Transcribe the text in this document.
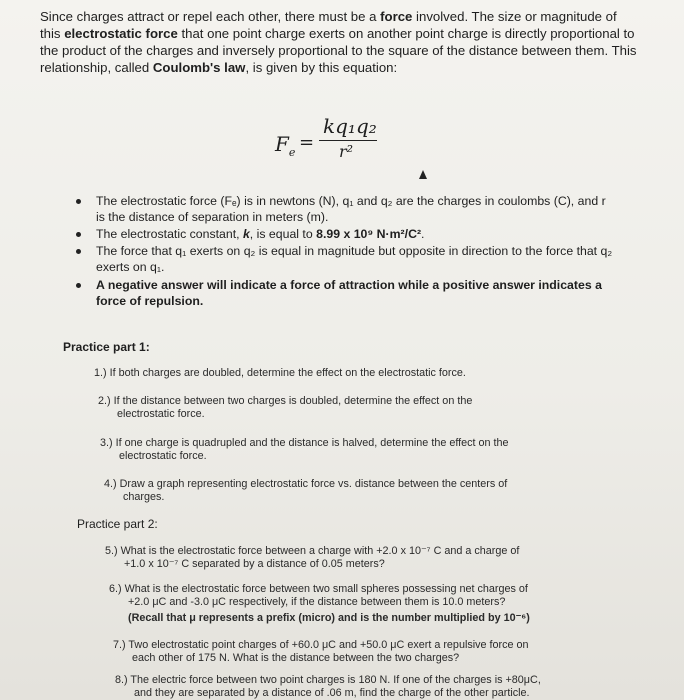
Since charges attract or repel each other, there must be a force involved. The size or magnitude of this electrostatic force that one point charge exerts on another point charge is directly proportional to the product of the charges and inversely proportional to the square of the distance between them. This relationship, called Coulomb's law, is given by this equation:
$F_e$ =
kq₁q₂
r²
The electrostatic force (Fₑ) is in newtons (N), q₁ and q₂ are the charges in coulombs (C), and r is the distance of separation in meters (m).
The electrostatic constant, k, is equal to 8.99 x 10⁹ N·m²/C².
The force that q₁ exerts on q₂ is equal in magnitude but opposite in direction to the force that q₂ exerts on q₁.
A negative answer will indicate a force of attraction while a positive answer indicates a force of repulsion.
Practice part 1:
1.) If both charges are doubled, determine the effect on the electrostatic force.
2.) If the distance between two charges is doubled, determine the effect on the
electrostatic force.
3.) If one charge is quadrupled and the distance is halved, determine the effect on the
electrostatic force.
4.) Draw a graph representing electrostatic force vs. distance between the centers of
charges.
Practice part 2:
5.) What is the electrostatic force between a charge with +2.0 x 10⁻⁷ C and a charge of
+1.0 x 10⁻⁷ C separated by a distance of 0.05 meters?
6.) What is the electrostatic force between two small spheres possessing net charges of
+2.0 μC and -3.0 μC respectively, if the distance between them is 10.0 meters?
(Recall that μ represents a prefix (micro) and is the number multiplied by 10⁻⁶)
7.) Two electrostatic point charges of +60.0 μC and +50.0 μC exert a repulsive force on
each other of 175 N. What is the distance between the two charges?
8.) The electric force between two point charges is 180 N. If one of the charges is +80μC,
and they are separated by a distance of .06 m, find the charge of the other particle.
